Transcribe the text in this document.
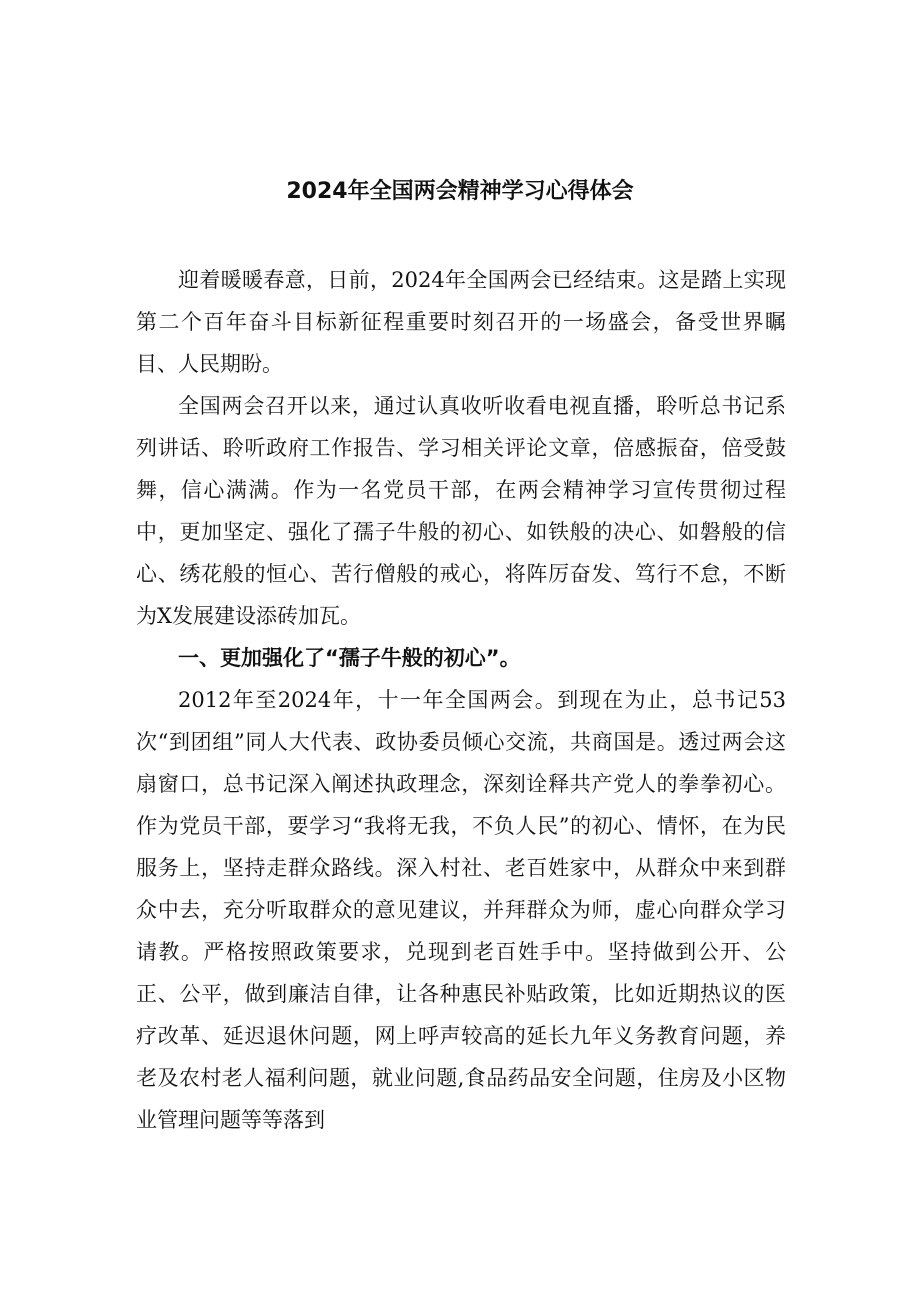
2024年全国两会精神学习心得体会

迎着暖暖春意，日前，2024年全国两会已经结束。这是踏上实现第二个百年奋斗目标新征程重要时刻召开的一场盛会，备受世界瞩目、人民期盼。

全国两会召开以来，通过认真收听收看电视直播，聆听总书记系列讲话、聆听政府工作报告、学习相关评论文章，倍感振奋，倍受鼓舞，信心满满。作为一名党员干部，在两会精神学习宣传贯彻过程中，更加坚定、强化了孺子牛般的初心、如铁般的决心、如磐般的信心、绣花般的恒心、苦行僧般的戒心，将阵厉奋发、笃行不怠，不断为X发展建设添砖加瓦。

一、更加强化了“孺子牛般的初心”。

2012年至2024年，十一年全国两会。到现在为止，总书记53次“到团组”同人大代表、政协委员倾心交流，共商国是。透过两会这扇窗口，总书记深入阐述执政理念，深刻诠释共产党人的拳拳初心。作为党员干部，要学习“我将无我，不负人民”的初心、情怀，在为民服务上，坚持走群众路线。深入村社、老百姓家中，从群众中来到群众中去，充分听取群众的意见建议，并拜群众为师，虚心向群众学习请教。严格按照政策要求，兑现到老百姓手中。坚持做到公开、公正、公平，做到廉洁自律，让各种惠民补贴政策，比如近期热议的医疗改革、延迟退休问题，网上呼声较高的延长九年义务教育问题，养老及农村老人福利问题，就业问题,食品药品安全问题，住房及小区物业管理问题等等落到
